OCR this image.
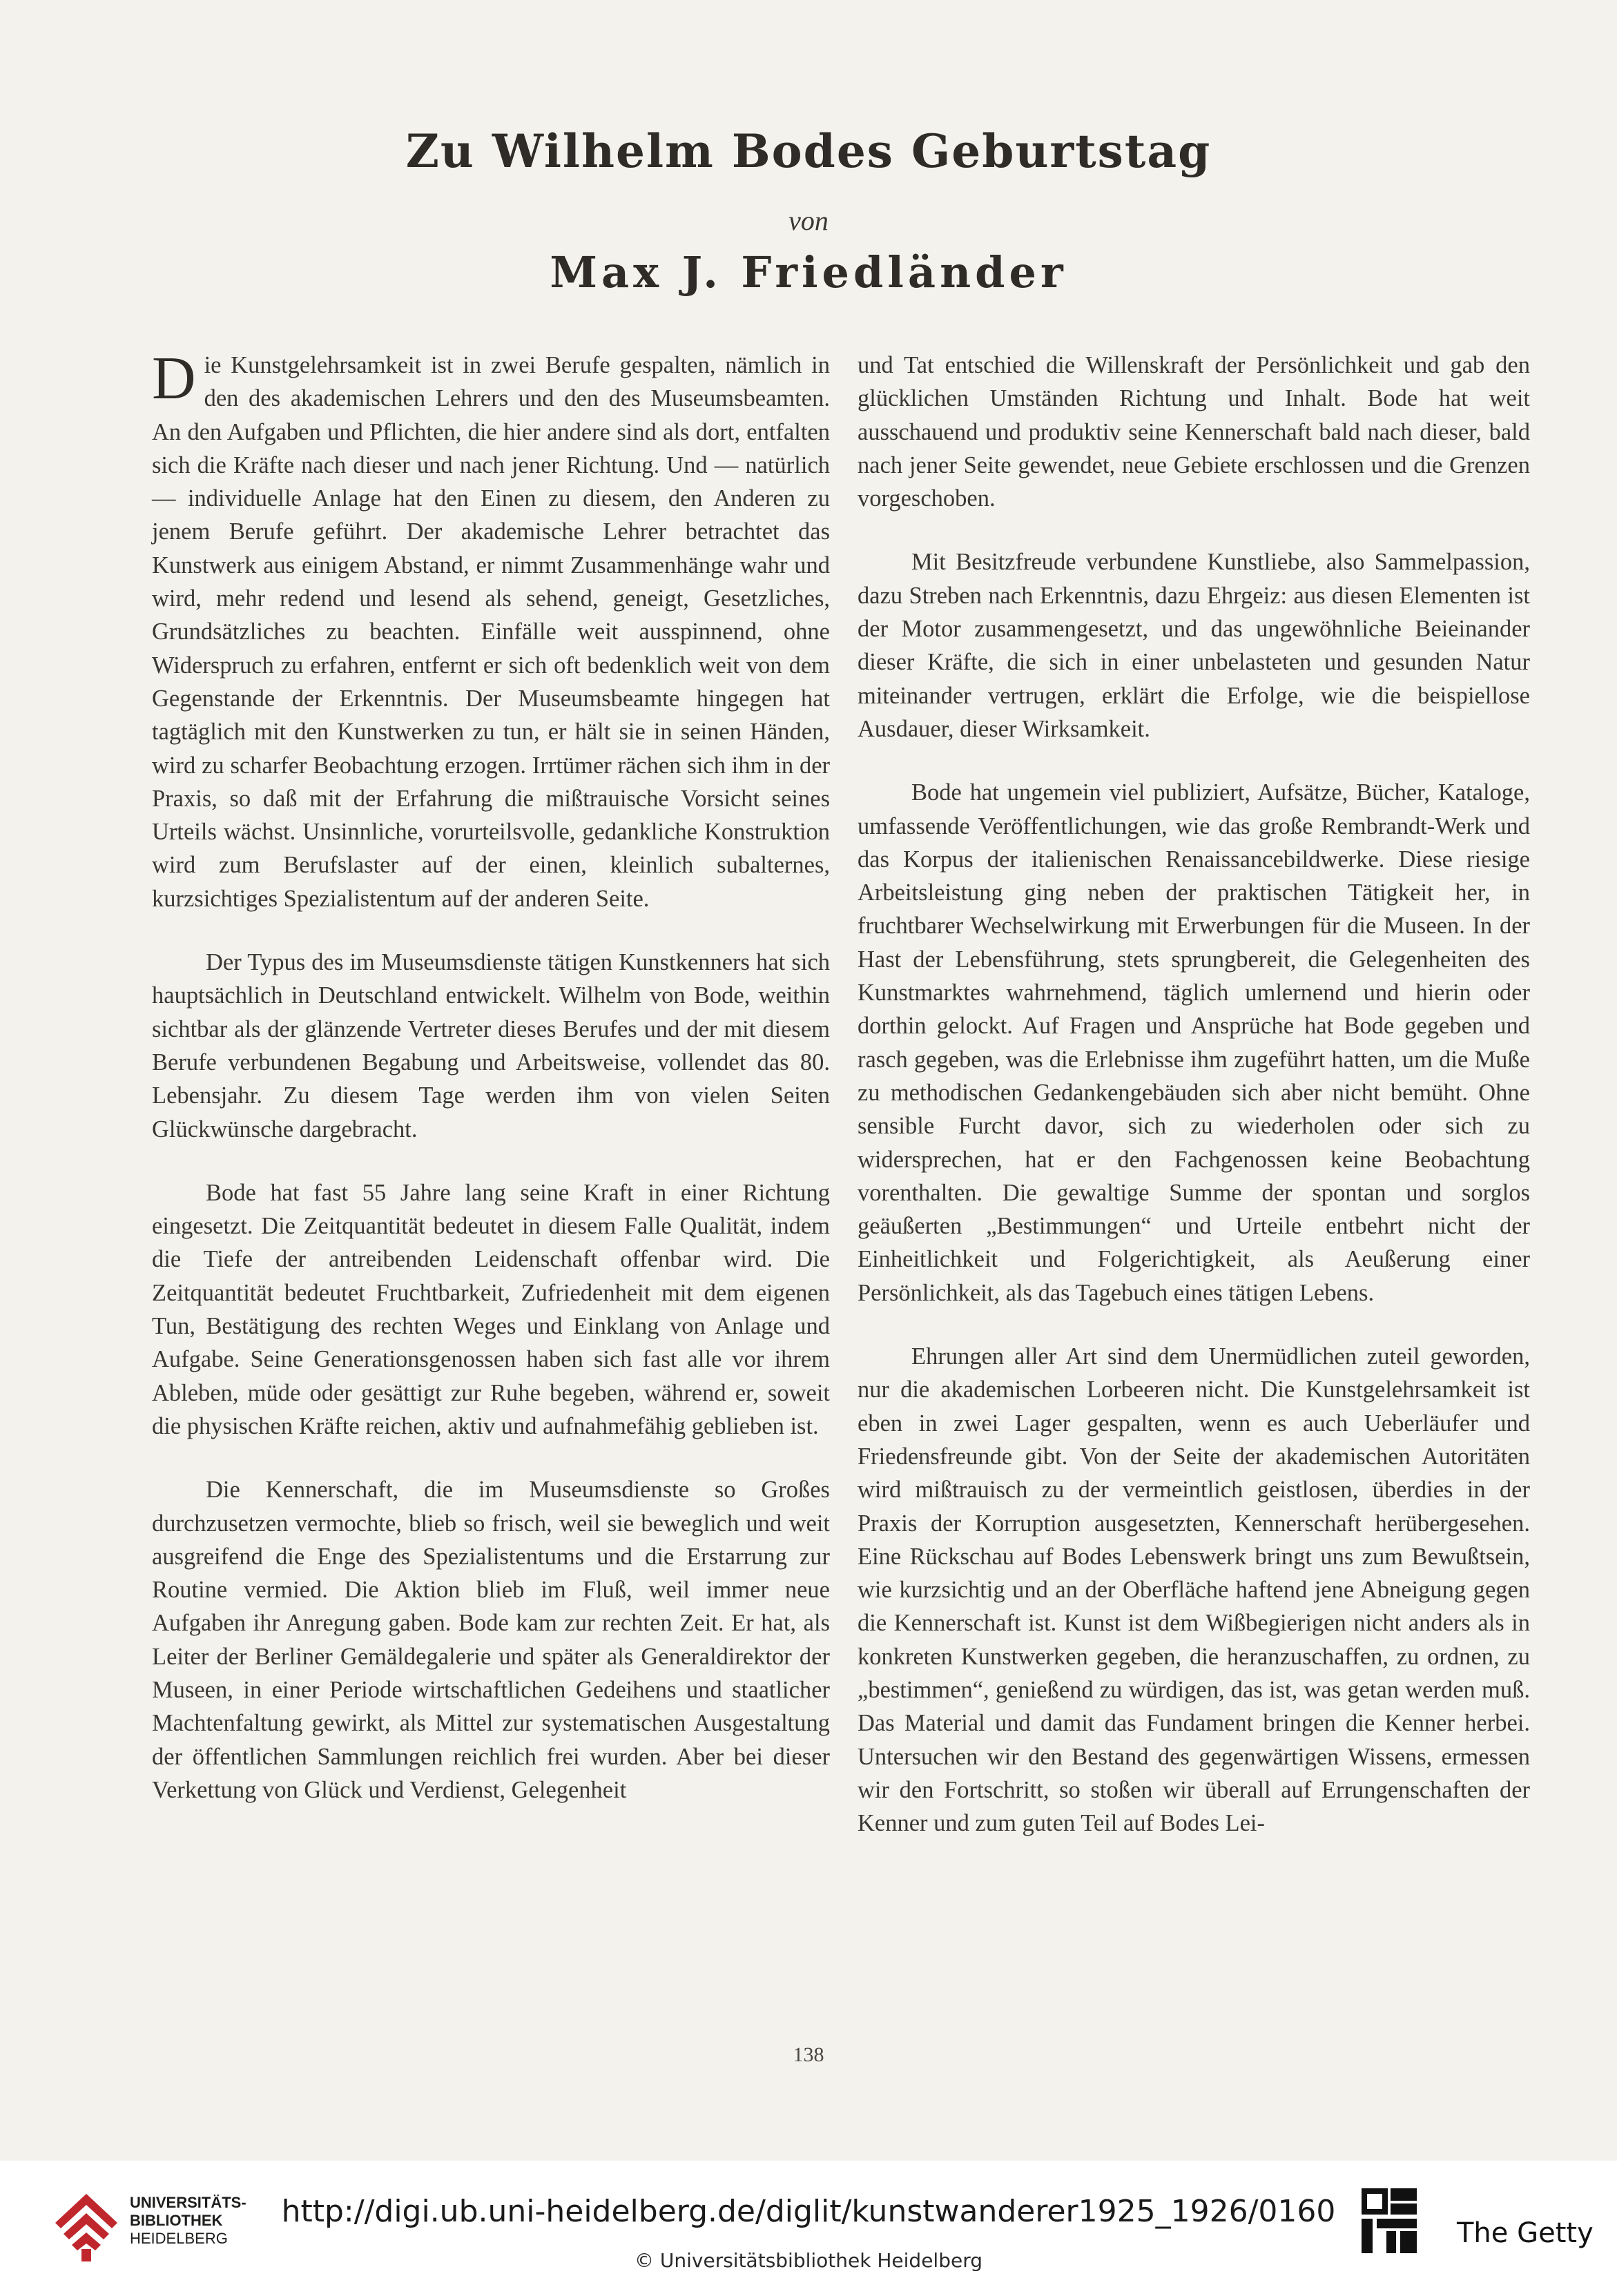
Zu Wilhelm Bodes Geburtstag
von
Max J. Friedländer

Die Kunstgelehrsamkeit ist in zwei Berufe gespalten, nämlich in den des akademischen Lehrers und den des Museumsbeamten. An den Aufgaben und Pflichten, die hier andere sind als dort, entfalten sich die Kräfte nach dieser und nach jener Richtung. Und — natürlich — individuelle Anlage hat den Einen zu diesem, den Anderen zu jenem Berufe geführt. Der akademische Lehrer betrachtet das Kunstwerk aus einigem Abstand, er nimmt Zusammenhänge wahr und wird, mehr redend und lesend als sehend, geneigt, Gesetzliches, Grundsätzliches zu beachten. Einfälle weit ausspinnend, ohne Widerspruch zu erfahren, entfernt er sich oft bedenklich weit von dem Gegenstande der Erkenntnis. Der Museumsbeamte hingegen hat tagtäglich mit den Kunstwerken zu tun, er hält sie in seinen Händen, wird zu scharfer Beobachtung erzogen. Irrtümer rächen sich ihm in der Praxis, so daß mit der Erfahrung die mißtrauische Vorsicht seines Urteils wächst. Unsinnliche, vorurteilsvolle, gedankliche Konstruktion wird zum Berufslaster auf der einen, kleinlich subalternes, kurzsichtiges Spezialistentum auf der anderen Seite.

Der Typus des im Museumsdienste tätigen Kunstkenners hat sich hauptsächlich in Deutschland entwickelt. Wilhelm von Bode, weithin sichtbar als der glänzende Vertreter dieses Berufes und der mit diesem Berufe verbundenen Begabung und Arbeitsweise, vollendet das 80. Lebensjahr. Zu diesem Tage werden ihm von vielen Seiten Glückwünsche dargebracht.

Bode hat fast 55 Jahre lang seine Kraft in einer Richtung eingesetzt. Die Zeitquantität bedeutet in diesem Falle Qualität, indem die Tiefe der antreibenden Leidenschaft offenbar wird. Die Zeitquantität bedeutet Fruchtbarkeit, Zufriedenheit mit dem eigenen Tun, Bestätigung des rechten Weges und Einklang von Anlage und Aufgabe. Seine Generationsgenossen haben sich fast alle vor ihrem Ableben, müde oder gesättigt zur Ruhe begeben, während er, soweit die physischen Kräfte reichen, aktiv und aufnahmefähig geblieben ist.

Die Kennerschaft, die im Museumsdienste so Großes durchzusetzen vermochte, blieb so frisch, weil sie beweglich und weit ausgreifend die Enge des Spezialistentums und die Erstarrung zur Routine vermied. Die Aktion blieb im Fluß, weil immer neue Aufgaben ihr Anregung gaben. Bode kam zur rechten Zeit. Er hat, als Leiter der Berliner Gemäldegalerie und später als Generaldirektor der Museen, in einer Periode wirtschaftlichen Gedeihens und staatlicher Machtenfaltung gewirkt, als Mittel zur systematischen Ausgestaltung der öffentlichen Sammlungen reichlich frei wurden. Aber bei dieser Verkettung von Glück und Verdienst, Gelegenheit

und Tat entschied die Willenskraft der Persönlichkeit und gab den glücklichen Umständen Richtung und Inhalt. Bode hat weit ausschauend und produktiv seine Kennerschaft bald nach dieser, bald nach jener Seite gewendet, neue Gebiete erschlossen und die Grenzen vorgeschoben.

Mit Besitzfreude verbundene Kunstliebe, also Sammelpassion, dazu Streben nach Erkenntnis, dazu Ehrgeiz: aus diesen Elementen ist der Motor zusammengesetzt, und das ungewöhnliche Beieinander dieser Kräfte, die sich in einer unbelasteten und gesunden Natur miteinander vertrugen, erklärt die Erfolge, wie die beispiellose Ausdauer, dieser Wirksamkeit.

Bode hat ungemein viel publiziert, Aufsätze, Bücher, Kataloge, umfassende Veröffentlichungen, wie das große Rembrandt-Werk und das Korpus der italienischen Renaissancebildwerke. Diese riesige Arbeitsleistung ging neben der praktischen Tätigkeit her, in fruchtbarer Wechselwirkung mit Erwerbungen für die Museen. In der Hast der Lebensführung, stets sprungbereit, die Gelegenheiten des Kunstmarktes wahrnehmend, täglich umlernend und hierin oder dorthin gelockt. Auf Fragen und Ansprüche hat Bode gegeben und rasch gegeben, was die Erlebnisse ihm zugeführt hatten, um die Muße zu methodischen Gedankengebäuden sich aber nicht bemüht. Ohne sensible Furcht davor, sich zu wiederholen oder sich zu widersprechen, hat er den Fachgenossen keine Beobachtung vorenthalten. Die gewaltige Summe der spontan und sorglos geäußerten „Bestimmungen“ und Urteile entbehrt nicht der Einheitlichkeit und Folgerichtigkeit, als Aeußerung einer Persönlichkeit, als das Tagebuch eines tätigen Lebens.

Ehrungen aller Art sind dem Unermüdlichen zuteil geworden, nur die akademischen Lorbeeren nicht. Die Kunstgelehrsamkeit ist eben in zwei Lager gespalten, wenn es auch Ueberläufer und Friedensfreunde gibt. Von der Seite der akademischen Autoritäten wird mißtrauisch zu der vermeintlich geistlosen, überdies in der Praxis der Korruption ausgesetzten, Kennerschaft herübergesehen. Eine Rückschau auf Bodes Lebenswerk bringt uns zum Bewußtsein, wie kurzsichtig und an der Oberfläche haftend jene Abneigung gegen die Kennerschaft ist. Kunst ist dem Wißbegierigen nicht anders als in konkreten Kunstwerken gegeben, die heranzuschaffen, zu ordnen, zu „bestimmen“, genießend zu würdigen, das ist, was getan werden muß. Das Material und damit das Fundament bringen die Kenner herbei. Untersuchen wir den Bestand des gegenwärtigen Wissens, ermessen wir den Fortschritt, so stoßen wir überall auf Errungenschaften der Kenner und zum guten Teil auf Bodes Lei-

138
UNIVERSITÄTS-
BIBLIOTHEK
HEIDELBERG
http://digi.ub.uni-heidelberg.de/diglit/kunstwanderer1925_1926/0160
© Universitätsbibliothek Heidelberg
The Getty
